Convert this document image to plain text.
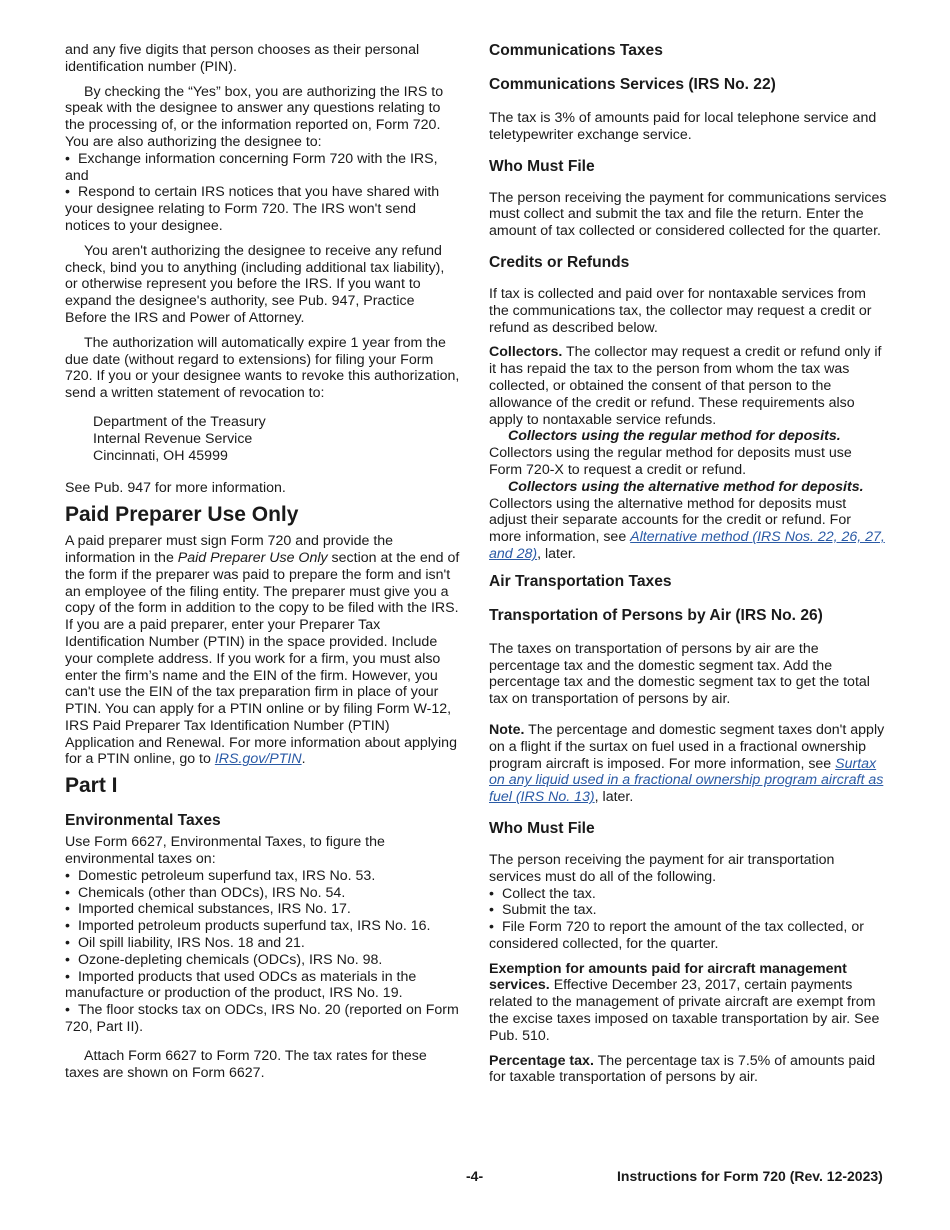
and any five digits that person chooses as their personal identification number (PIN).

By checking the “Yes” box, you are authorizing the IRS to speak with the designee to answer any questions relating to the processing of, or the information reported on, Form 720. You are also authorizing the designee to:

• Exchange information concerning Form 720 with the IRS, and
• Respond to certain IRS notices that you have shared with your designee relating to Form 720. The IRS won't send notices to your designee.

You aren't authorizing the designee to receive any refund check, bind you to anything (including additional tax liability), or otherwise represent you before the IRS. If you want to expand the designee's authority, see Pub. 947, Practice Before the IRS and Power of Attorney.

The authorization will automatically expire 1 year from the due date (without regard to extensions) for filing your Form 720. If you or your designee wants to revoke this authorization, send a written statement of revocation to:

Department of the Treasury
Internal Revenue Service
Cincinnati, OH 45999

See Pub. 947 for more information.

Paid Preparer Use Only

A paid preparer must sign Form 720 and provide the information in the Paid Preparer Use Only section at the end of the form if the preparer was paid to prepare the form and isn't an employee of the filing entity. The preparer must give you a copy of the form in addition to the copy to be filed with the IRS. If you are a paid preparer, enter your Preparer Tax Identification Number (PTIN) in the space provided. Include your complete address. If you work for a firm, you must also enter the firm’s name and the EIN of the firm. However, you can't use the EIN of the tax preparation firm in place of your PTIN. You can apply for a PTIN online or by filing Form W-12, IRS Paid Preparer Tax Identification Number (PTIN) Application and Renewal. For more information about applying for a PTIN online, go to IRS.gov/PTIN.

Part I
Environmental Taxes

Use Form 6627, Environmental Taxes, to figure the environmental taxes on:

• Domestic petroleum superfund tax, IRS No. 53.
• Chemicals (other than ODCs), IRS No. 54.
• Imported chemical substances, IRS No. 17.
• Imported petroleum products superfund tax, IRS No. 16.
• Oil spill liability, IRS Nos. 18 and 21.
• Ozone-depleting chemicals (ODCs), IRS No. 98.
• Imported products that used ODCs as materials in the manufacture or production of the product, IRS No. 19.
• The floor stocks tax on ODCs, IRS No. 20 (reported on Form 720, Part II).

Attach Form 6627 to Form 720. The tax rates for these taxes are shown on Form 6627.

Communications Taxes
Communications Services (IRS No. 22)

The tax is 3% of amounts paid for local telephone service and teletypewriter exchange service.

Who Must File

The person receiving the payment for communications services must collect and submit the tax and file the return. Enter the amount of tax collected or considered collected for the quarter.

Credits or Refunds

If tax is collected and paid over for nontaxable services from the communications tax, the collector may request a credit or refund as described below.

Collectors. The collector may request a credit or refund only if it has repaid the tax to the person from whom the tax was collected, or obtained the consent of that person to the allowance of the credit or refund. These requirements also apply to nontaxable service refunds.

Collectors using the regular method for deposits. Collectors using the regular method for deposits must use Form 720-X to request a credit or refund.

Collectors using the alternative method for deposits. Collectors using the alternative method for deposits must adjust their separate accounts for the credit or refund. For more information, see Alternative method (IRS Nos. 22, 26, 27, and 28), later.

Air Transportation Taxes
Transportation of Persons by Air (IRS No. 26)

The taxes on transportation of persons by air are the percentage tax and the domestic segment tax. Add the percentage tax and the domestic segment tax to get the total tax on transportation of persons by air.

Note. The percentage and domestic segment taxes don't apply on a flight if the surtax on fuel used in a fractional ownership program aircraft is imposed. For more information, see Surtax on any liquid used in a fractional ownership program aircraft as fuel (IRS No. 13), later.

Who Must File

The person receiving the payment for air transportation services must do all of the following.

• Collect the tax.
• Submit the tax.
• File Form 720 to report the amount of the tax collected, or considered collected, for the quarter.

Exemption for amounts paid for aircraft management services. Effective December 23, 2017, certain payments related to the management of private aircraft are exempt from the excise taxes imposed on taxable transportation by air. See Pub. 510.

Percentage tax. The percentage tax is 7.5% of amounts paid for taxable transportation of persons by air.

-4-	Instructions for Form 720 (Rev. 12-2023)
